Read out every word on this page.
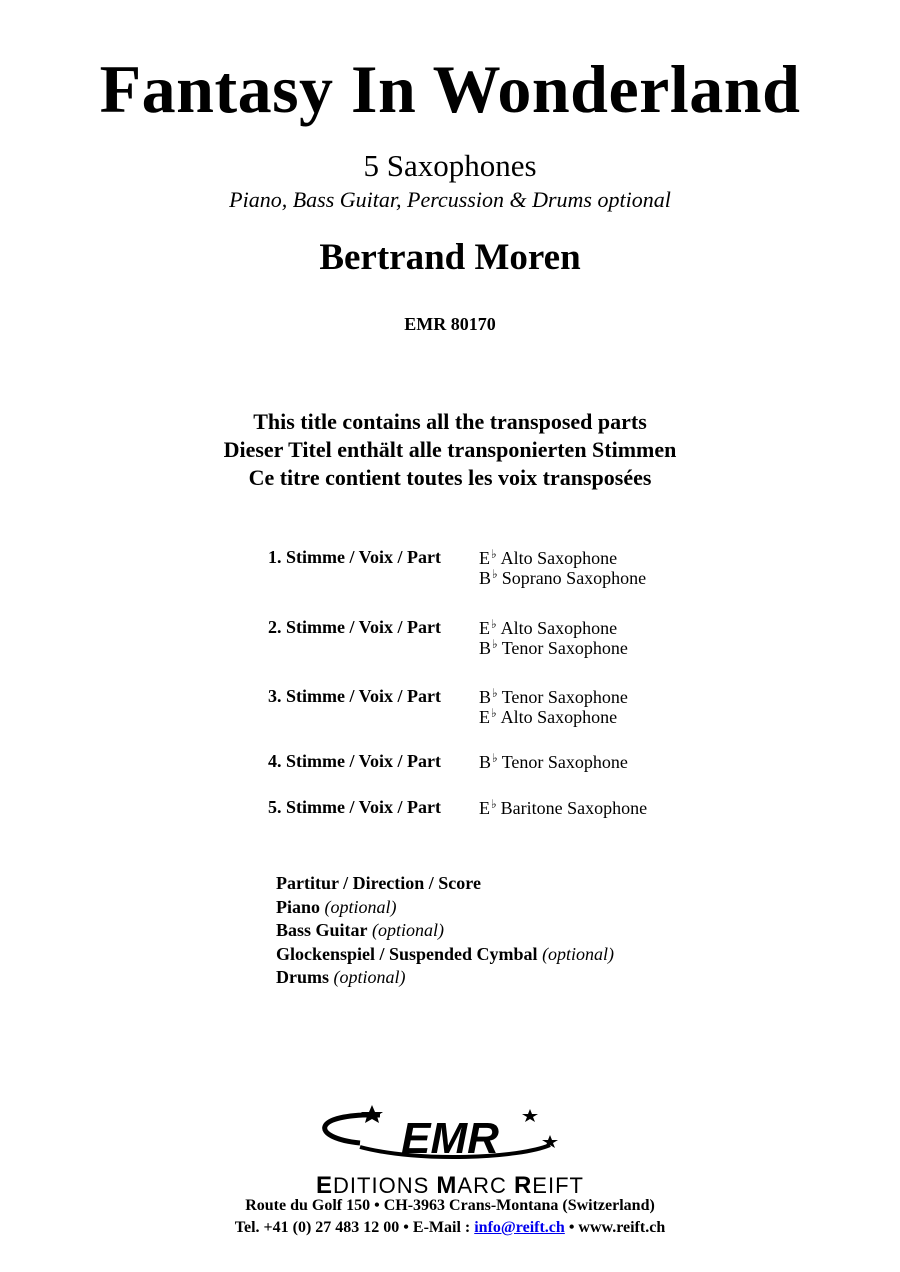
Fantasy In Wonderland
5 Saxophones
Piano, Bass Guitar, Percussion & Drums optional
Bertrand Moren
EMR 80170
This title contains all the transposed parts
Dieser Titel enthält alle transponierten Stimmen
Ce titre contient toutes les voix transposées
1. Stimme / Voix / Part E♭ Alto Saxophone
B♭ Soprano Saxophone
2. Stimme / Voix / Part E♭ Alto Saxophone
B♭ Tenor Saxophone
3. Stimme / Voix / Part B♭ Tenor Saxophone
E♭ Alto Saxophone
4. Stimme / Voix / Part B♭ Tenor Saxophone
5. Stimme / Voix / Part E♭ Baritone Saxophone
Partitur / Direction / Score
Piano (optional)
Bass Guitar (optional)
Glockenspiel / Suspended Cymbal (optional)
Drums (optional)
EMR
EDITIONS MARC REIFT
Route du Golf 150 • CH-3963 Crans-Montana (Switzerland)
Tel. +41 (0) 27 483 12 00 • E-Mail : info@reift.ch • www.reift.ch
